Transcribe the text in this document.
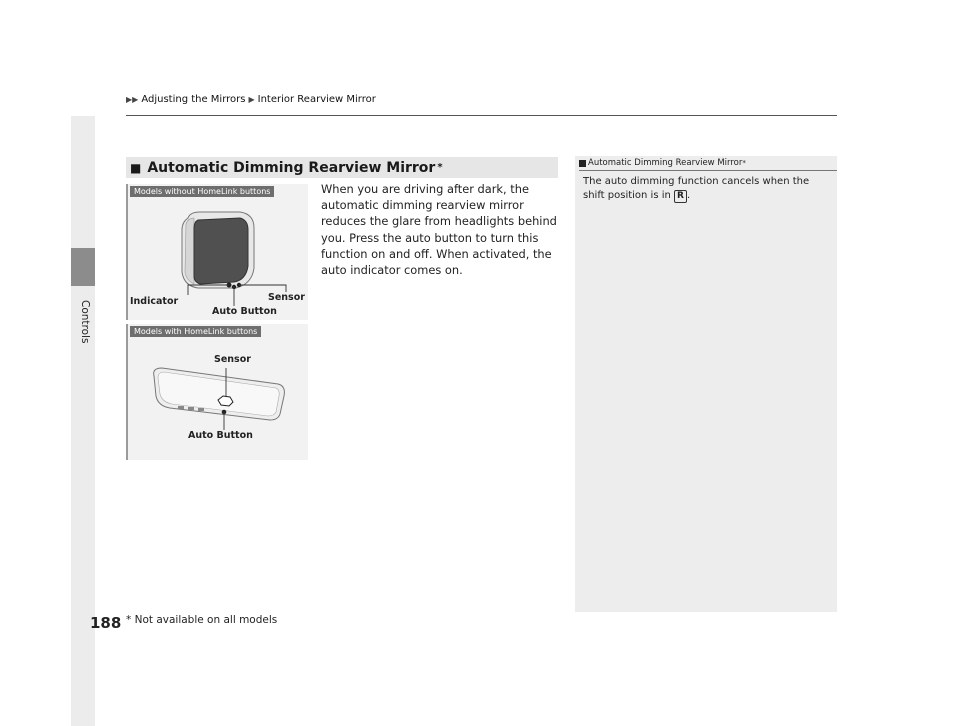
Controls
188
▶▶ Adjusting the Mirrors ▶ Interior Rearview Mirror
■ Automatic Dimming Rearview Mirror *
When you are driving after dark, the automatic dimming rearview mirror reduces the glare from headlights behind you. Press the auto button to turn this function on and off. When activated, the auto indicator comes on.
Models without HomeLink buttons
Indicator
Auto Button
Sensor
Models with HomeLink buttons
Sensor
Auto Button
Automatic Dimming Rearview Mirror *
The auto dimming function cancels when the shift position is in R .
* Not available on all models
